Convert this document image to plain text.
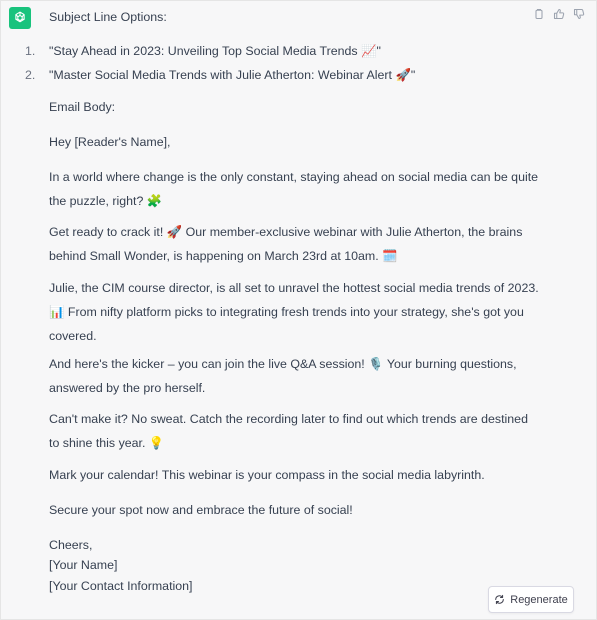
Subject Line Options:

1. "Stay Ahead in 2023: Unveiling Top Social Media Trends 📈"
2. "Master Social Media Trends with Julie Atherton: Webinar Alert 🚀"

Email Body:

Hey [Reader's Name],

In a world where change is the only constant, staying ahead on social media can be quite the puzzle, right? 🧩

Get ready to crack it! 🚀 Our member-exclusive webinar with Julie Atherton, the brains behind Small Wonder, is happening on March 23rd at 10am. 🗓️

Julie, the CIM course director, is all set to unravel the hottest social media trends of 2023. 📊 From nifty platform picks to integrating fresh trends into your strategy, she's got you covered.

And here's the kicker – you can join the live Q&A session! 🎙️ Your burning questions, answered by the pro herself.

Can't make it? No sweat. Catch the recording later to find out which trends are destined to shine this year. 💡

Mark your calendar! This webinar is your compass in the social media labyrinth.

Secure your spot now and embrace the future of social!

Cheers,

[Your Name]

[Your Contact Information]

Regenerate
